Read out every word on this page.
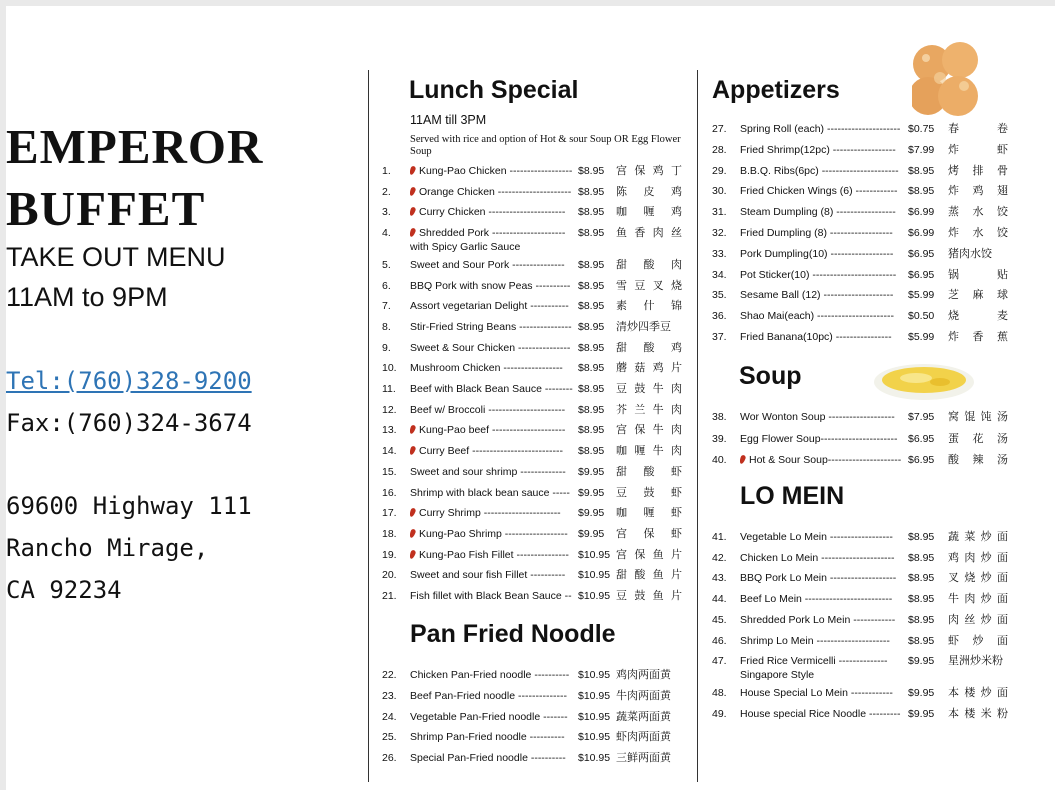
EMPEROR
BUFFET
TAKE OUT MENU
11AM to 9PM
Tel:(760)328-9200
Fax:(760)324-3674
69600 Highway 111
Rancho Mirage,
CA 92234
Lunch Special
11AM till 3PM
Served with rice and option of Hot & sour Soup OR Egg Flower Soup
1.	Kung-Pao Chicken ------------------ $8.95 宫 保 鸡 丁
2.	Orange Chicken --------------------- $8.95 陈 皮 鸡
3.	Curry Chicken ----------------------	$8.95 咖 喱 鸡
4.	Shredded Pork ---------------------	$8.95 鱼 香 肉 丝
with Spicy Garlic Sauce
5.	Sweet and Sour Pork ---------------	$8.95 甜 酸 肉
6.	BBQ Pork with snow Peas ---------- $8.95 雪 豆 叉 烧
7.	Assort vegetarian Delight ----------- $8.95 素 什 锦
8.	Stir-Fried String Beans --------------- $8.95 清炒四季豆
9.	Sweet & Sour Chicken --------------- $8.95 甜 酸 鸡
10.	Mushroom Chicken -----------------	$8.95 蘑 菇 鸡 片
11.	Beef with Black Bean Sauce -------- $8.95 豆 鼓 牛 肉
12.	Beef w/ Broccoli ----------------------	$8.95 芥 兰 牛 肉
13.	Kung-Pao beef ---------------------	$8.95 宫 保 牛 肉
14.	Curry Beef --------------------------	$8.95 咖 喱 牛 肉
15.	Sweet and sour shrimp -------------	$9.95 甜 酸 虾
16.	Shrimp with black bean sauce ----- $9.95 豆 鼓 虾
17.	Curry Shrimp ----------------------	$9.95 咖 喱 虾
18.	Kung-Pao Shrimp ------------------ $9.95 宫 保 虾
19.	Kung-Pao Fish Fillet --------------- $10.95 宫 保 鱼 片
20.	Sweet and sour fish Fillet ----------	$10.95 甜 酸 鱼 片
21.	Fish fillet with Black Bean Sauce -- $10.95 豆 鼓 鱼 片
Pan Fried Noodle
22.	Chicken Pan-Fried noodle ---------- $10.95 鸡肉两面黄
23.	Beef Pan-Fried noodle --------------	$10.95 牛肉两面黄
24.	Vegetable Pan-Fried noodle ------- $10.95 蔬菜两面黄
25.	Shrimp Pan-Fried noodle ----------	$10.95 虾肉两面黄
26.	Special Pan-Fried noodle ----------	$10.95 三鲜两面黄
Appetizers
27.	Spring Roll (each) --------------------- $0.75 春	卷
28.	Fried Shrimp(12pc) ------------------	$7.99 炸	虾
29.	B.B.Q. Ribs(6pc) ---------------------- $8.95 烤 排 骨
30.	Fried Chicken Wings (6) ------------	$8.95 炸 鸡 翅
31.	Steam Dumpling (8) -----------------	$6.99 蒸 水 饺
32.	Fried Dumpling (8) ------------------	$6.99 炸 水 饺
33.	Pork Dumpling(10) ------------------	$6.95 猪肉水饺
34.	Pot Sticker(10) ------------------------	$6.95 锅	贴
35.	Sesame Ball (12) --------------------	$5.99 芝 麻 球
36.	Shao Mai(each) ----------------------	$0.50 烧	麦
37.	Fried Banana(10pc) ----------------	$5.99 炸 香 蕉
Soup
38.	Wor Wonton Soup -------------------	$7.95 窝 馄 饨 汤
39.	Egg Flower Soup----------------------	$6.95 蛋 花 汤
40.	Hot & Sour Soup--------------------- $6.95 酸 辣 汤
LO MEIN
41.	Vegetable Lo Mein ------------------	$8.95 蔬 菜 炒 面
42.	Chicken Lo Mein ---------------------	$8.95 鸡 肉 炒 面
43.	BBQ Pork Lo Mein -------------------	$8.95 叉 烧 炒 面
44.	Beef Lo Mein -------------------------	$8.95 牛 肉 炒 面
45.	Shredded Pork Lo Mein ------------	$8.95 肉 丝 炒 面
46.	Shrimp Lo Mein ---------------------	$8.95 虾 炒 面
47.	Fried Rice Vermicelli --------------	$9.95 星洲炒米粉
Singapore Style
48.	House Special Lo Mein ------------	$9.95 本 楼 炒 面
49.	House special Rice Noodle --------- $9.95 本 楼 米 粉
